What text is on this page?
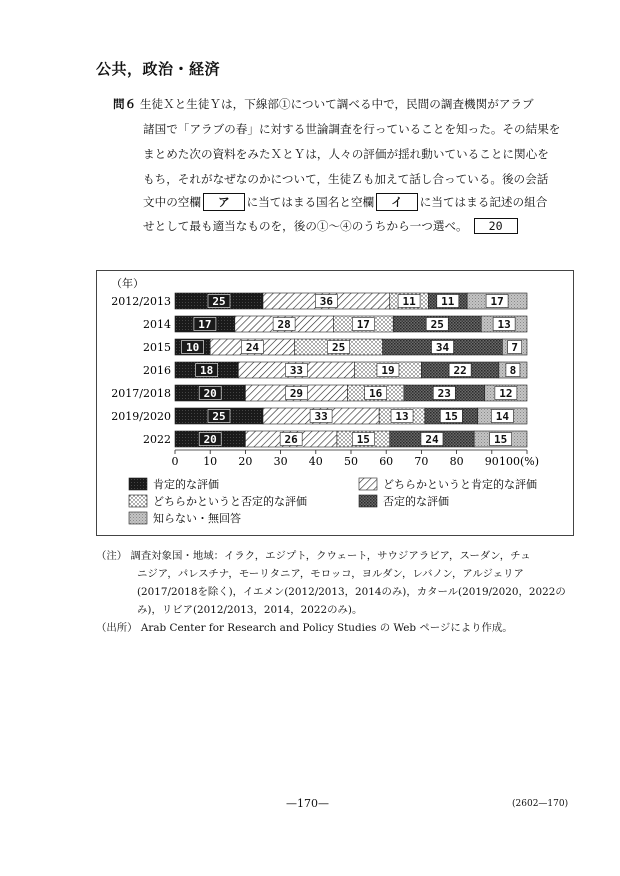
公共，政治・経済
問６ 生徒Ｘと生徒Ｙは，下線部①について調べる中で，民間の調査機関がアラブ
諸国で「アラブの春」に対する世論調査を行っていることを知った。その結果を
まとめた次の資料をみたＸとＹは，人々の評価が揺れ動いていることに関心を
もち，それがなぜなのかについて，生徒Ｚも加えて話し合っている。後の会話
文中の空欄 ア に当てはまる国名と空欄 イ に当てはまる記述の組合
せとして最も適当なものを，後の①～④のうちから一つ選べ。 20
（年）
2012/2013	25	36	11 11	17
2014 17	28	17	25	13
2015 10	24	25	34	7
2016	18	33	19	22	8
2017/2018	20	29	16	23	12
2019/2020	25	33	13	15	14
2022	20	26	15	24	15
0 10 20 30 40 50 60 70 80 90 100(%)
肯定的な評価	どちらかというと肯定的な評価
どちらかというと否定的な評価	否定的な評価
知らない・無回答
（注） 調査対象国・地域：イラク，エジプト，クウェート，サウジアラビア，スーダン，チュ
ニジア，パレスチナ，モーリタニア，モロッコ，ヨルダン，レバノン，アルジェリア
(2017/2018を除く)，イエメン(2012/2013，2014のみ)，カタール(2019/2020，2022の
み)，リビア(2012/2013，2014，2022のみ)。
（出所） Arab Center for Research and Policy Studies の Web ページにより作成。
—170—	(2602—170)
